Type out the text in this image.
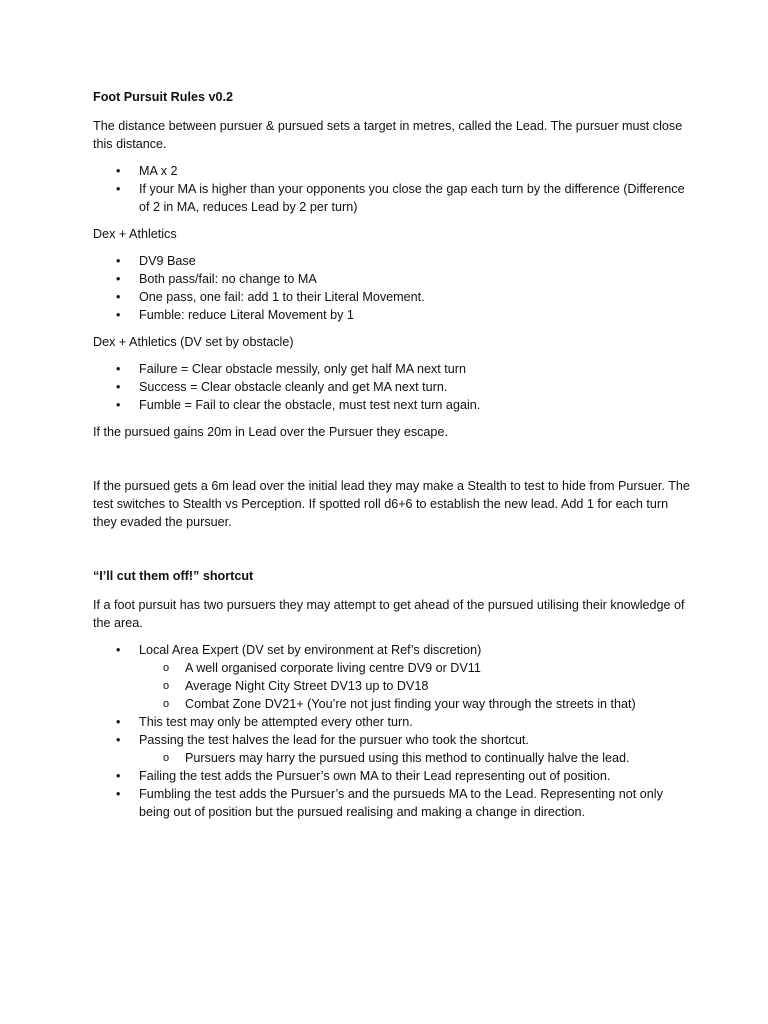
Foot Pursuit Rules v0.2
The distance between pursuer & pursued sets a target in metres, called the Lead. The pursuer must close this distance.
• MA x 2
• If your MA is higher than your opponents you close the gap each turn by the difference (Difference of 2 in MA, reduces Lead by 2 per turn)
Dex + Athletics
• DV9 Base
• Both pass/fail: no change to MA
• One pass, one fail: add 1 to their Literal Movement.
• Fumble: reduce Literal Movement by 1
Dex + Athletics (DV set by obstacle)
• Failure = Clear obstacle messily, only get half MA next turn
• Success = Clear obstacle cleanly and get MA next turn.
• Fumble = Fail to clear the obstacle, must test next turn again.
If the pursued gains 20m in Lead over the Pursuer they escape.
If the pursued gets a 6m lead over the initial lead they may make a Stealth to test to hide from Pursuer. The test switches to Stealth vs Perception. If spotted roll d6+6 to establish the new lead. Add 1 for each turn they evaded the pursuer.
“I’ll cut them off!” shortcut
If a foot pursuit has two pursuers they may attempt to get ahead of the pursued utilising their knowledge of the area.
• Local Area Expert (DV set by environment at Ref’s discretion)
o A well organised corporate living centre DV9 or DV11
o Average Night City Street DV13 up to DV18
o Combat Zone DV21+ (You’re not just finding your way through the streets in that)
• This test may only be attempted every other turn.
• Passing the test halves the lead for the pursuer who took the shortcut.
o Pursuers may harry the pursued using this method to continually halve the lead.
• Failing the test adds the Pursuer’s own MA to their Lead representing out of position.
• Fumbling the test adds the Pursuer’s and the pursueds MA to the Lead. Representing not only being out of position but the pursued realising and making a change in direction.
